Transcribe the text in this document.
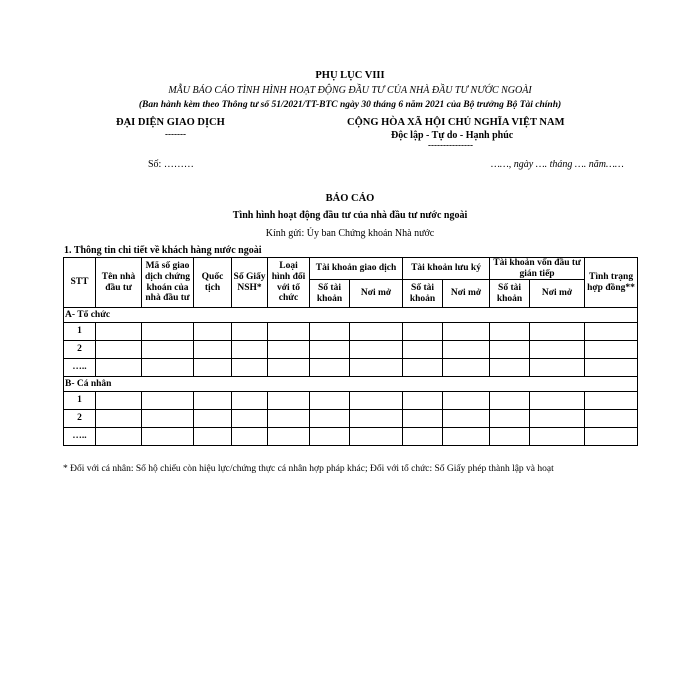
PHỤ LỤC VIII
MẪU BÁO CÁO TÌNH HÌNH HOẠT ĐỘNG ĐẦU TƯ CỦA NHÀ ĐẦU TƯ NƯỚC NGOÀI
(Ban hành kèm theo Thông tư số 51/2021/TT-BTC ngày 30 tháng 6 năm 2021 của Bộ trưởng Bộ Tài chính)
ĐẠI DIỆN GIAO DỊCH
-------
CỘNG HÒA XÃ HỘI CHỦ NGHĨA VIỆT NAM
Độc lập - Tự do - Hạnh phúc
---------------
Số: ………	……, ngày …. tháng …. năm……
BÁO CÁO
Tình hình hoạt động đầu tư của nhà đầu tư nước ngoài
Kính gửi: Ủy ban Chứng khoán Nhà nước
1. Thông tin chi tiết về khách hàng nước ngoài
STT	Tên nhà đầu tư	Mã số giao dịch chứng khoán của nhà đầu tư	Quốc tịch	Số Giấy NSH*	Loại hình đối với tổ chức	Tài khoản giao dịch		Tài khoản lưu ký		Tài khoản vốn đầu tư gián tiếp		Tình trạng hợp đồng**
						Số tài khoản	Nơi mở	Số tài khoản	Nơi mở	Số tài khoản	Nơi mở	
A- Tổ chức												
1												
2												
…..												
B- Cá nhân												
1												
2												
…..												
* Đối với cá nhân: Số hộ chiếu còn hiệu lực/chứng thực cá nhân hợp pháp khác; Đối với tổ chức: Số Giấy phép thành lập và hoạt
